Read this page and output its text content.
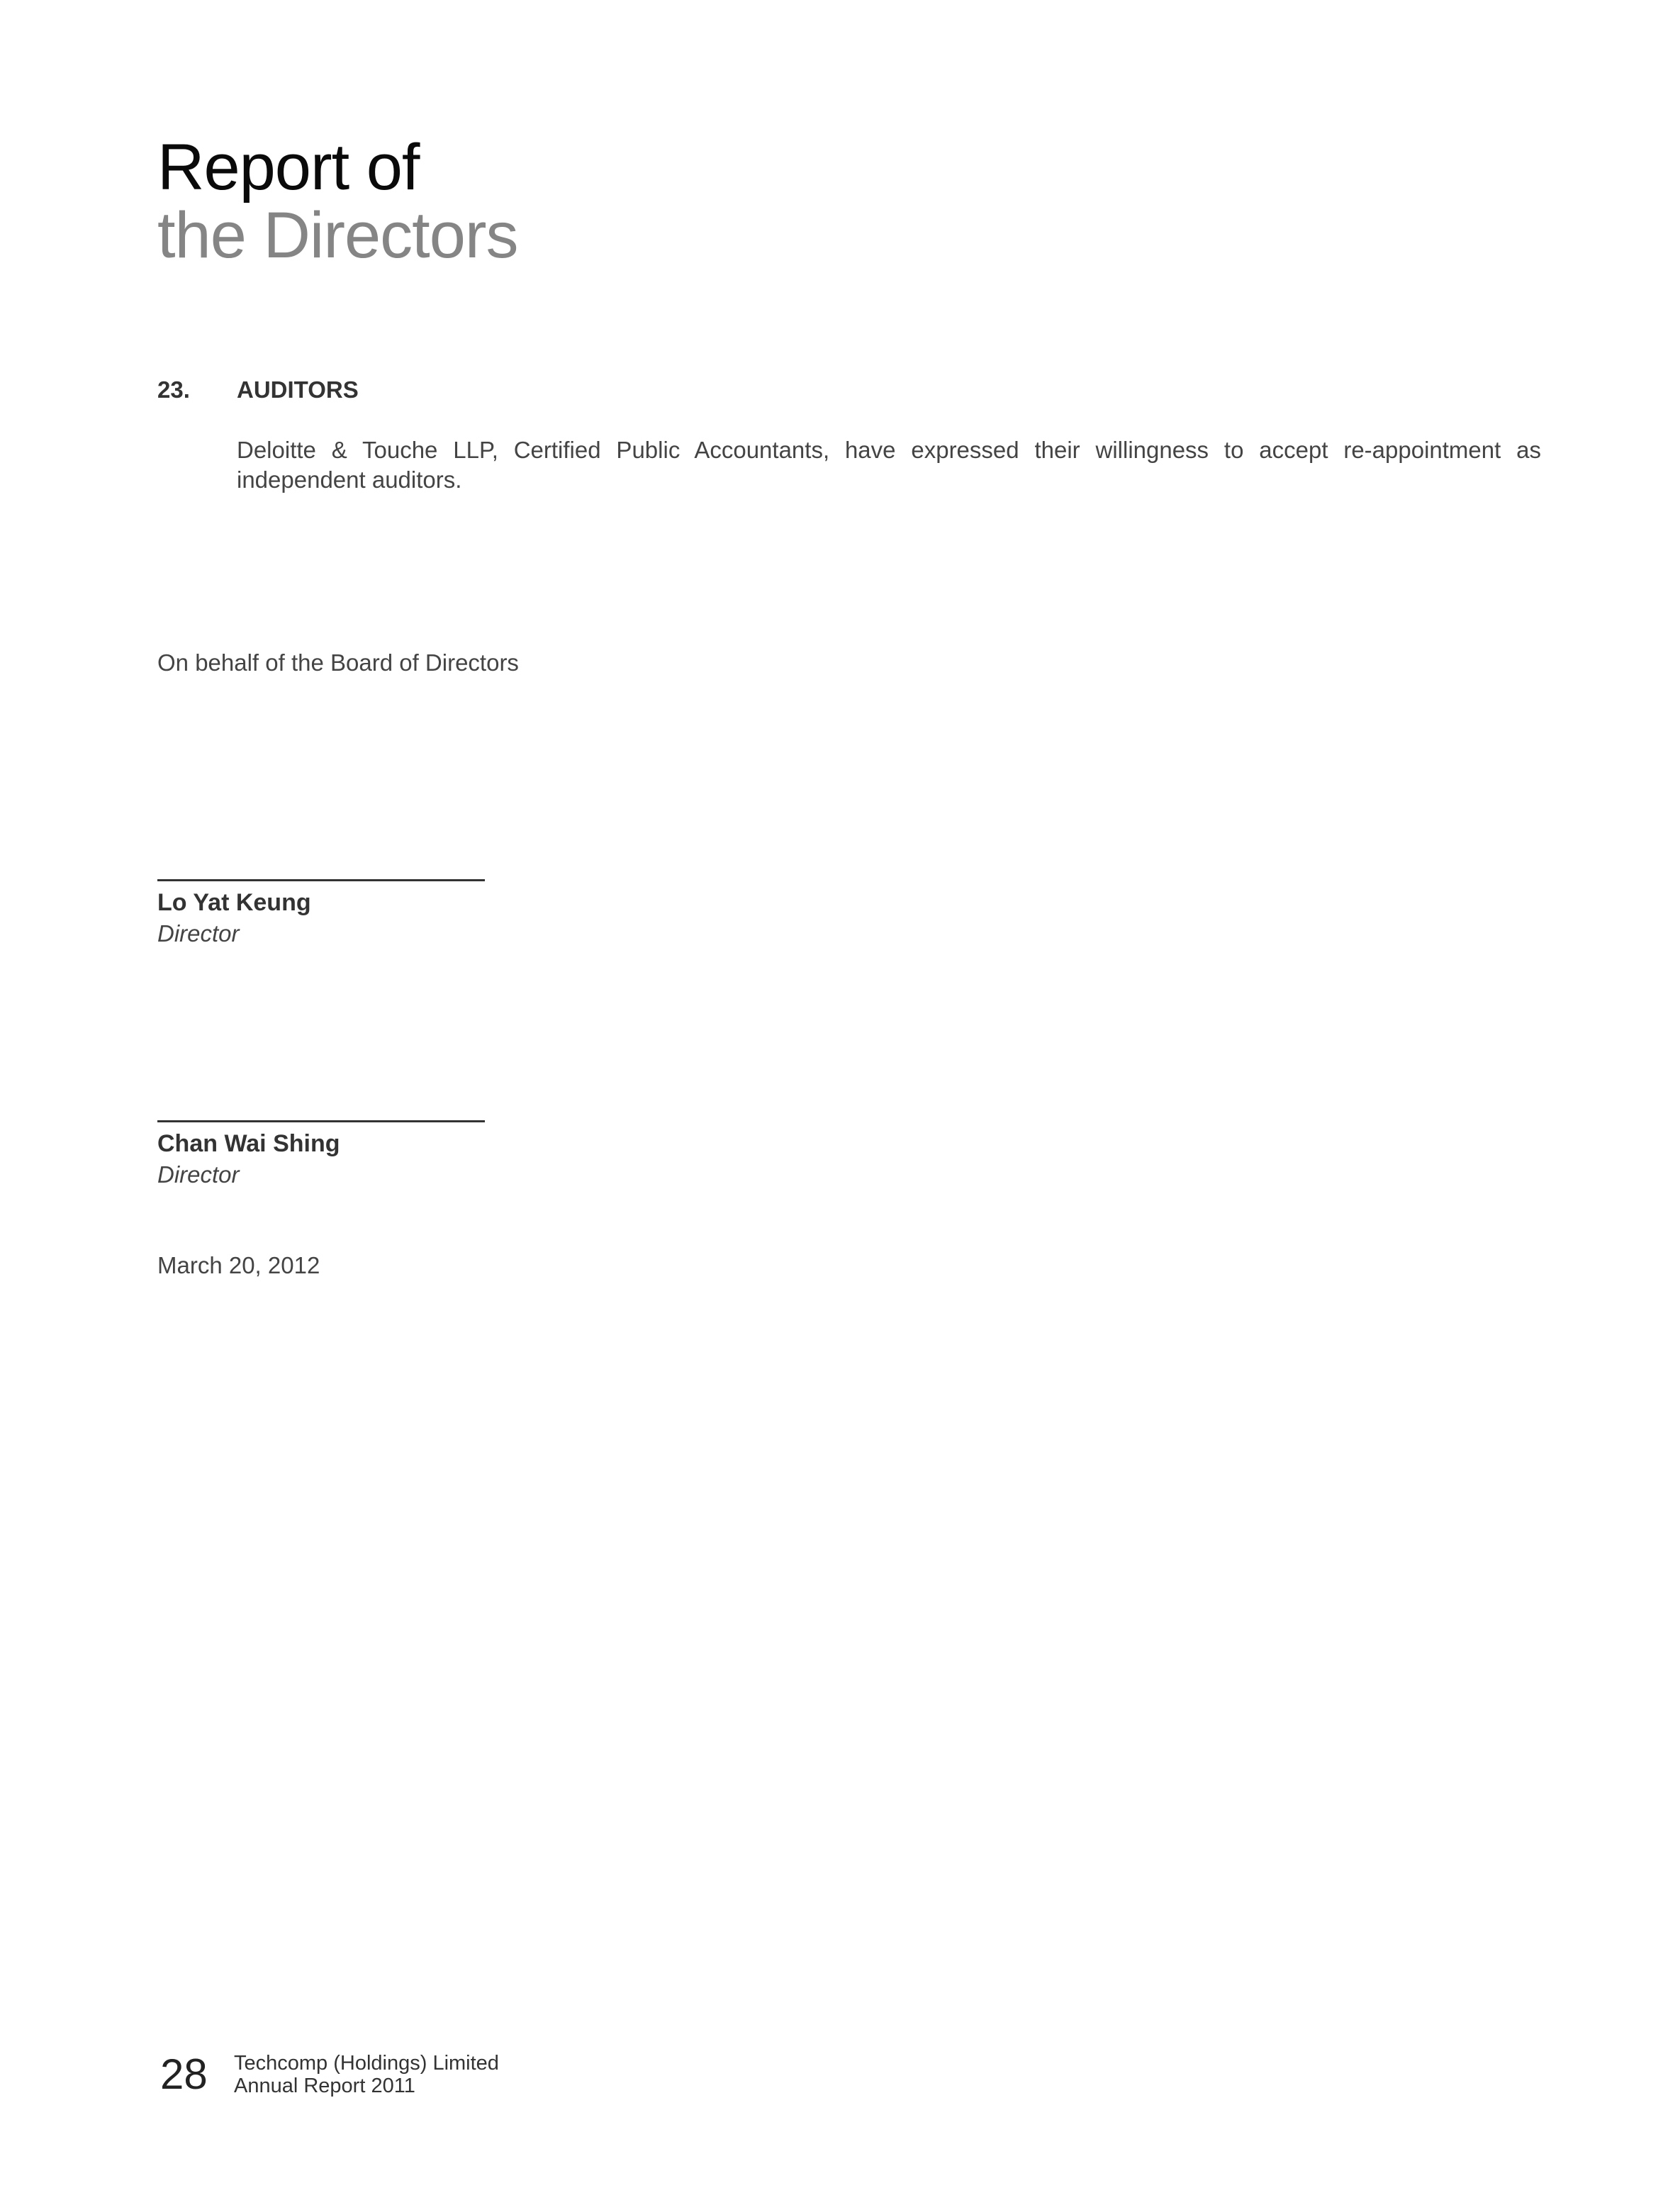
Report of
the Directors
23. AUDITORS
Deloitte & Touche LLP, Certified Public Accountants, have expressed their willingness to accept re-appointment as independent auditors.
On behalf of the Board of Directors
Lo Yat Keung
Director
Chan Wai Shing
Director
March 20, 2012
28 Techcomp (Holdings) Limited
Annual Report 2011
